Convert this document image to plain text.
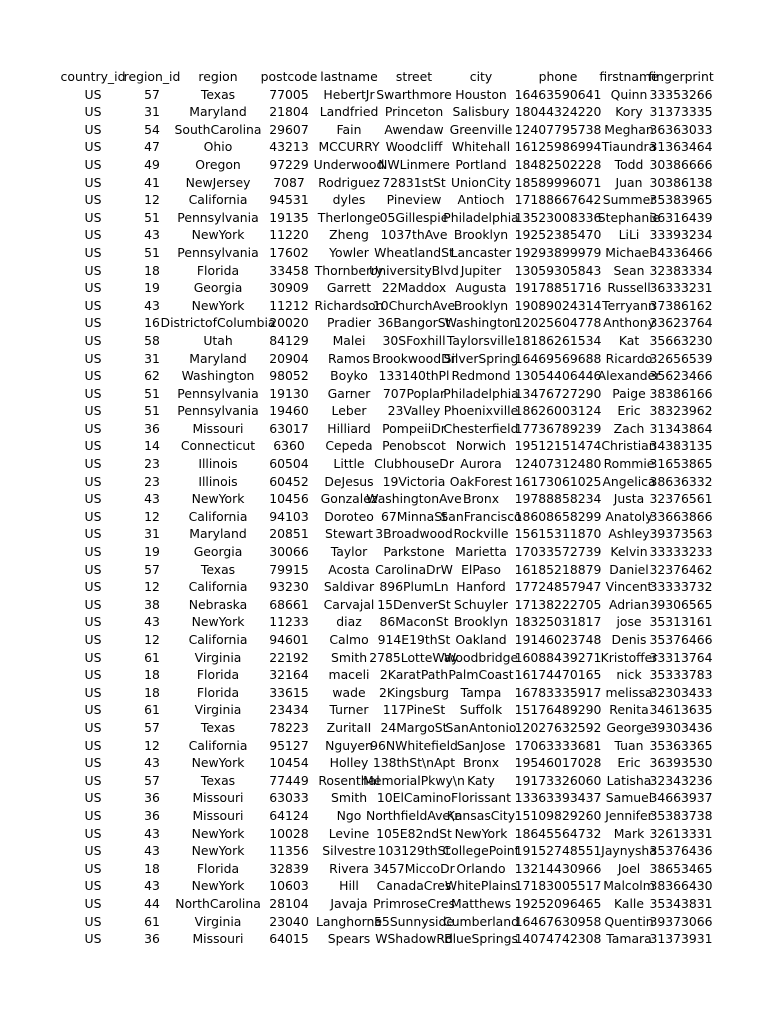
country_id	region_id	region	postcode	lastname	street	city	phone	firstname	fingerprint

US	57	Texas	77005	HebertJr	Swarthmore	Houston	16463590641	Quinn	33353266

US	31	Maryland	21804	Landfried	Princeton	Salisbury	18044324220	Kory	31373335

US	54	SouthCarolina	29607	Fain	Awendaw	Greenville	12407795738	Meghan	36363033

US	47	Ohio	43213	MCCURRY	Woodcliff	Whitehall	16125986994	Tiaundra	31363464

US	49	Oregon	97229	Underwood	NWLinmere	Portland	18482502228	Todd	30386666

US	41	NewJersey	7087	Rodriguez	72831stSt	UnionCity	18589996071	Juan	30386138

US	12	California	94531	dyles	Pineview	Antioch	17188667642	Summer	35383965

US	51	Pennsylvania	19135	Therlonge	05Gillespie	Philadelphia	13523008336	Stephanie	36316439

US	43	NewYork	11220	Zheng	1037thAve	Brooklyn	19252385470	LiLi	33393234

US	51	Pennsylvania	17602	Yowler	WheatlandSt	Lancaster	19293899979	Michael	34336466

US	18	Florida	33458	Thornberry	UniversityBlvd	Jupiter	13059305843	Sean	32383334

US	19	Georgia	30909	Garrett	22Maddox	Augusta	19178851716	Russell	36333231

US	43	NewYork	11212	Richardson	10ChurchAve	Brooklyn	19089024314	Terryann	37386162

US	16	DistrictofColumbia	20020	Pradier	36BangorSt	Washington	12025604778	Anthony	33623764

US	58	Utah	84129	Malei	30SFoxhill	Taylorsville	18186261534	Kat	35663230

US	31	Maryland	20904	Ramos	BrookwoodDr	SilverSpring	16469569688	Ricardo	32656539

US	62	Washington	98052	Boyko	133140thPl	Redmond	13054406446	Alexander	35623466

US	51	Pennsylvania	19130	Garner	707Poplar	Philadelphia	13476727290	Paige	38386166

US	51	Pennsylvania	19460	Leber	23Valley	Phoenixville	18626003124	Eric	38323962

US	36	Missouri	63017	Hilliard	PompeiiDr	Chesterfield	17736789239	Zach	31343864

US	14	Connecticut	6360	Cepeda	Penobscot	Norwich	19512151474	Christian	34383135

US	23	Illinois	60504	Little	ClubhouseDr	Aurora	12407312480	Rommie	31653865

US	23	Illinois	60452	DeJesus	19Victoria	OakForest	16173061025	Angelica	38636332

US	43	NewYork	10456	Gonzalez	WashingtonAve	Bronx	19788858234	Justa	32376561

US	12	California	94103	Doroteo	67MinnaSt	SanFrancisco	18608658299	Anatoly	33663866

US	31	Maryland	20851	Stewart	3Broadwood	Rockville	15615311870	Ashley	39373563

US	19	Georgia	30066	Taylor	Parkstone	Marietta	17033572739	Kelvin	33333233

US	57	Texas	79915	Acosta	CarolinaDrW	ElPaso	16185218879	Daniel	32376462

US	12	California	93230	Saldivar	896PlumLn	Hanford	17724857947	Vincent	33333732

US	38	Nebraska	68661	Carvajal	15DenverSt	Schuyler	17138222705	Adrian	39306565

US	43	NewYork	11233	diaz	86MaconSt	Brooklyn	18325031817	jose	35313161

US	12	California	94601	Calmo	914E19thSt	Oakland	19146023748	Denis	35376466

US	61	Virginia	22192	Smith	2785LotteWay	Woodbridge	16088439271	Kristoffer	33313764

US	18	Florida	32164	maceli	2KaratPath	PalmCoast	16174470165	nick	35333783

US	18	Florida	33615	wade	2Kingsburg	Tampa	16783335917	melissa	32303433

US	61	Virginia	23434	Turner	117PineSt	Suffolk	15176489290	Renita	34613635

US	57	Texas	78223	ZuritaII	24MargoSt	SanAntonio	12027632592	George	39303436

US	12	California	95127	Nguyen	96NWhitefield	SanJose	17063333681	Tuan	35363365

US	43	NewYork	10454	Holley	138thSt\nApt	Bronx	19546017028	Eric	36393530

US	57	Texas	77449	Rosenthal	MemorialPkwy\n	Katy	19173326060	Latisha	32343236

US	36	Missouri	63033	Smith	10ElCamino	Florissant	13363393437	Samuel	34663937

US	36	Missouri	64124	Ngo	NorthfieldAve\n	KansasCity	15109829260	Jennifer	35383738

US	43	NewYork	10028	Levine	105E82ndSt	NewYork	18645564732	Mark	32613331

US	43	NewYork	11356	Silvestre	103129thSt	CollegePoint	19152748551	Jaynysha	35376436

US	18	Florida	32839	Rivera	3457MiccoDr	Orlando	13214430966	Joel	38653465

US	43	NewYork	10603	Hill	CanadaCres	WhitePlains	17183005517	Malcolm	38366430

US	44	NorthCarolina	28104	Javaja	PrimroseCres	Matthews	19252096465	Kalle	35343831

US	61	Virginia	23040	Langhorne	55Sunnyside	Cumberland	16467630958	Quentin	39373066

US	36	Missouri	64015	Spears	WShadowRd	BlueSprings	14074742308	Tamara	31373931
